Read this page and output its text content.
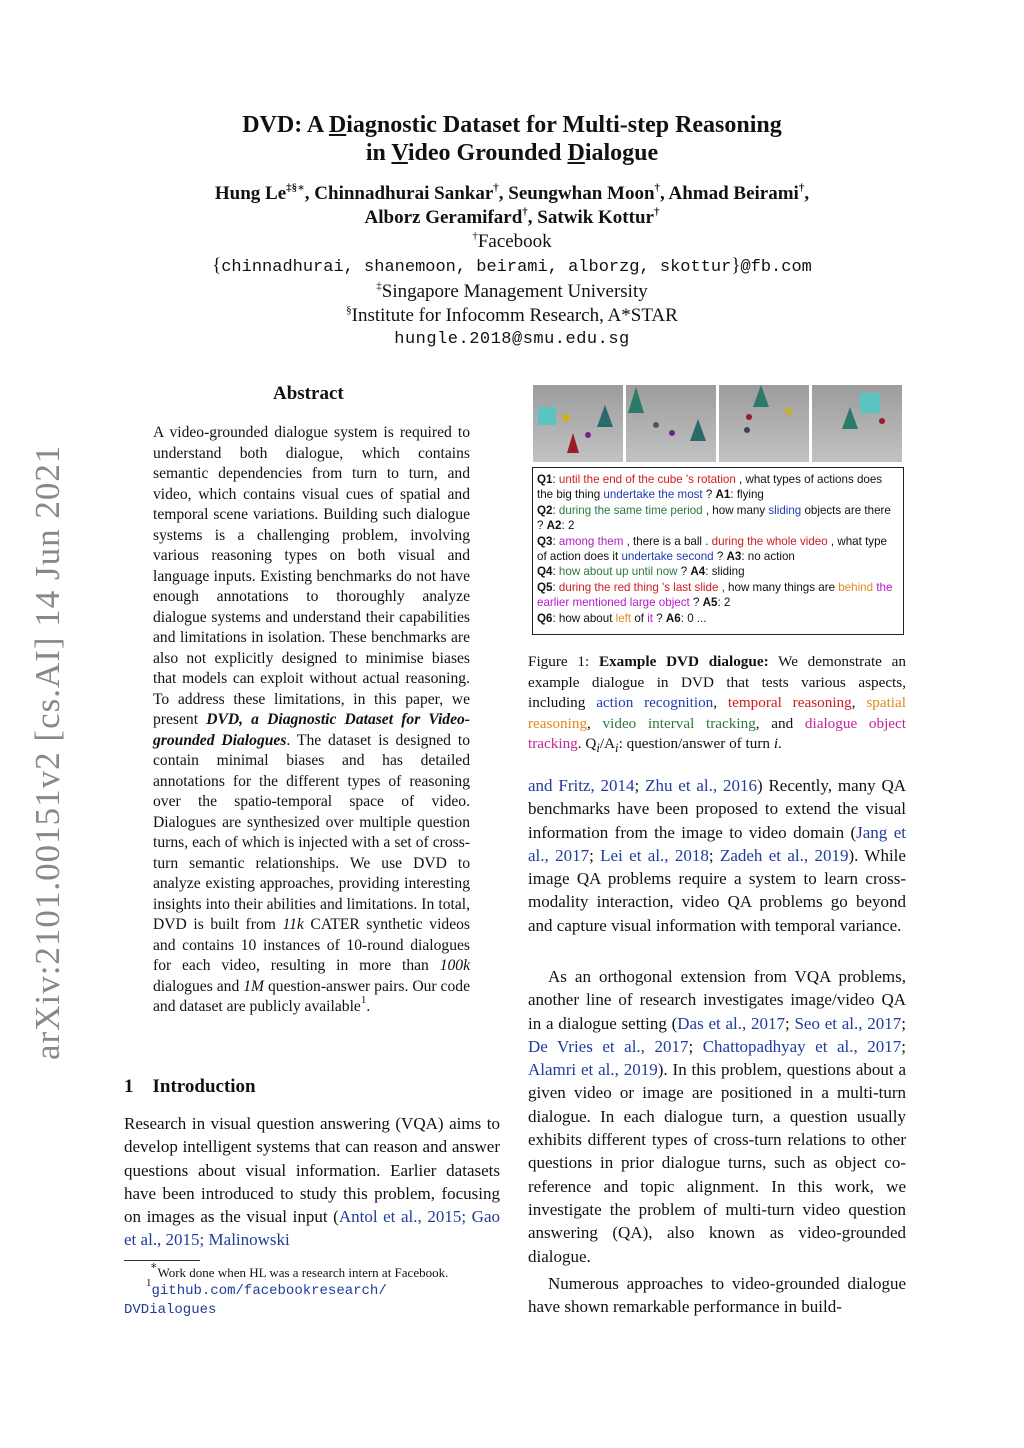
DVD: A Diagnostic Dataset for Multi-step Reasoning
in Video Grounded Dialogue
Hung Le‡§∗, Chinnadhurai Sankar†, Seungwhan Moon†, Ahmad Beirami†,
Alborz Geramifard†, Satwik Kottur†
†Facebook
{chinnadhurai, shanemoon, beirami, alborzg, skottur}@fb.com
‡Singapore Management University
§Institute for Infocomm Research, A*STAR
hungle.2018@smu.edu.sg
arXiv:2101.00151v2 [cs.AI] 14 Jun 2021
Abstract
A video-grounded dialogue system is required to understand both dialogue, which contains semantic dependencies from turn to turn, and video, which contains visual cues of spatial and temporal scene variations. Building such dialogue systems is a challenging problem, involving various reasoning types on both visual and language inputs. Existing benchmarks do not have enough annotations to thoroughly analyze dialogue systems and understand their capabilities and limitations in isolation. These benchmarks are also not explicitly designed to minimise biases that models can exploit without actual reasoning. To address these limitations, in this paper, we present DVD, a Diagnostic Dataset for Video-grounded Dialogues. The dataset is designed to contain minimal biases and has detailed annotations for the different types of reasoning over the spatio-temporal space of video. Dialogues are synthesized over multiple question turns, each of which is injected with a set of cross-turn semantic relationships. We use DVD to analyze existing approaches, providing interesting insights into their abilities and limitations. In total, DVD is built from 11k CATER synthetic videos and contains 10 instances of 10-round dialogues for each video, resulting in more than 100k dialogues and 1M question-answer pairs. Our code and dataset are publicly available$^1$.
1 Introduction
Research in visual question answering (VQA) aims to develop intelligent systems that can reason and answer questions about visual information. Earlier datasets have been introduced to study this problem, focusing on images as the visual input (Antol et al., 2015; Gao et al., 2015; Malinowski
∗Work done when HL was a research intern at Facebook.
$^1$github.com/facebookresearch/
DVDialogues

Q1: until the end of the cube 's rotation , what types of actions does the big thing undertake the most ? A1: flying

Q2: during the same time period , how many sliding objects are there ? A2: 2

Q3: among them , there is a ball . during the whole video , what type of action does it undertake second ? A3: no action

Q4: how about up until now ? A4: sliding

Q5: during the red thing 's last slide , how many things are behind the earlier mentioned large object ? A5: 2

Q6: how about left of it ? A6: 0 ...

Figure 1: Example DVD dialogue: We demonstrate an example dialogue in DVD that tests various aspects, including action recognition, temporal reasoning, spatial reasoning, video interval tracking, and dialogue object tracking. $Q_i/A_i$: question/answer of turn i.
and Fritz, 2014; Zhu et al., 2016) Recently, many QA benchmarks have been proposed to extend the visual information from the image to video domain (Jang et al., 2017; Lei et al., 2018; Zadeh et al., 2019). While image QA problems require a system to learn cross-modality interaction, video QA problems go beyond and capture visual information with temporal variance.
As an orthogonal extension from VQA problems, another line of research investigates image/video QA in a dialogue setting (Das et al., 2017; Seo et al., 2017; De Vries et al., 2017; Chattopadhyay et al., 2017; Alamri et al., 2019). In this problem, questions about a given video or image are positioned in a multi-turn dialogue. In each dialogue turn, a question usually exhibits different types of cross-turn relations to other questions in prior dialogue turns, such as object co-reference and topic alignment. In this work, we investigate the problem of multi-turn video question answering (QA), also known as video-grounded dialogue.
Numerous approaches to video-grounded dialogue have shown remarkable performance in build-
